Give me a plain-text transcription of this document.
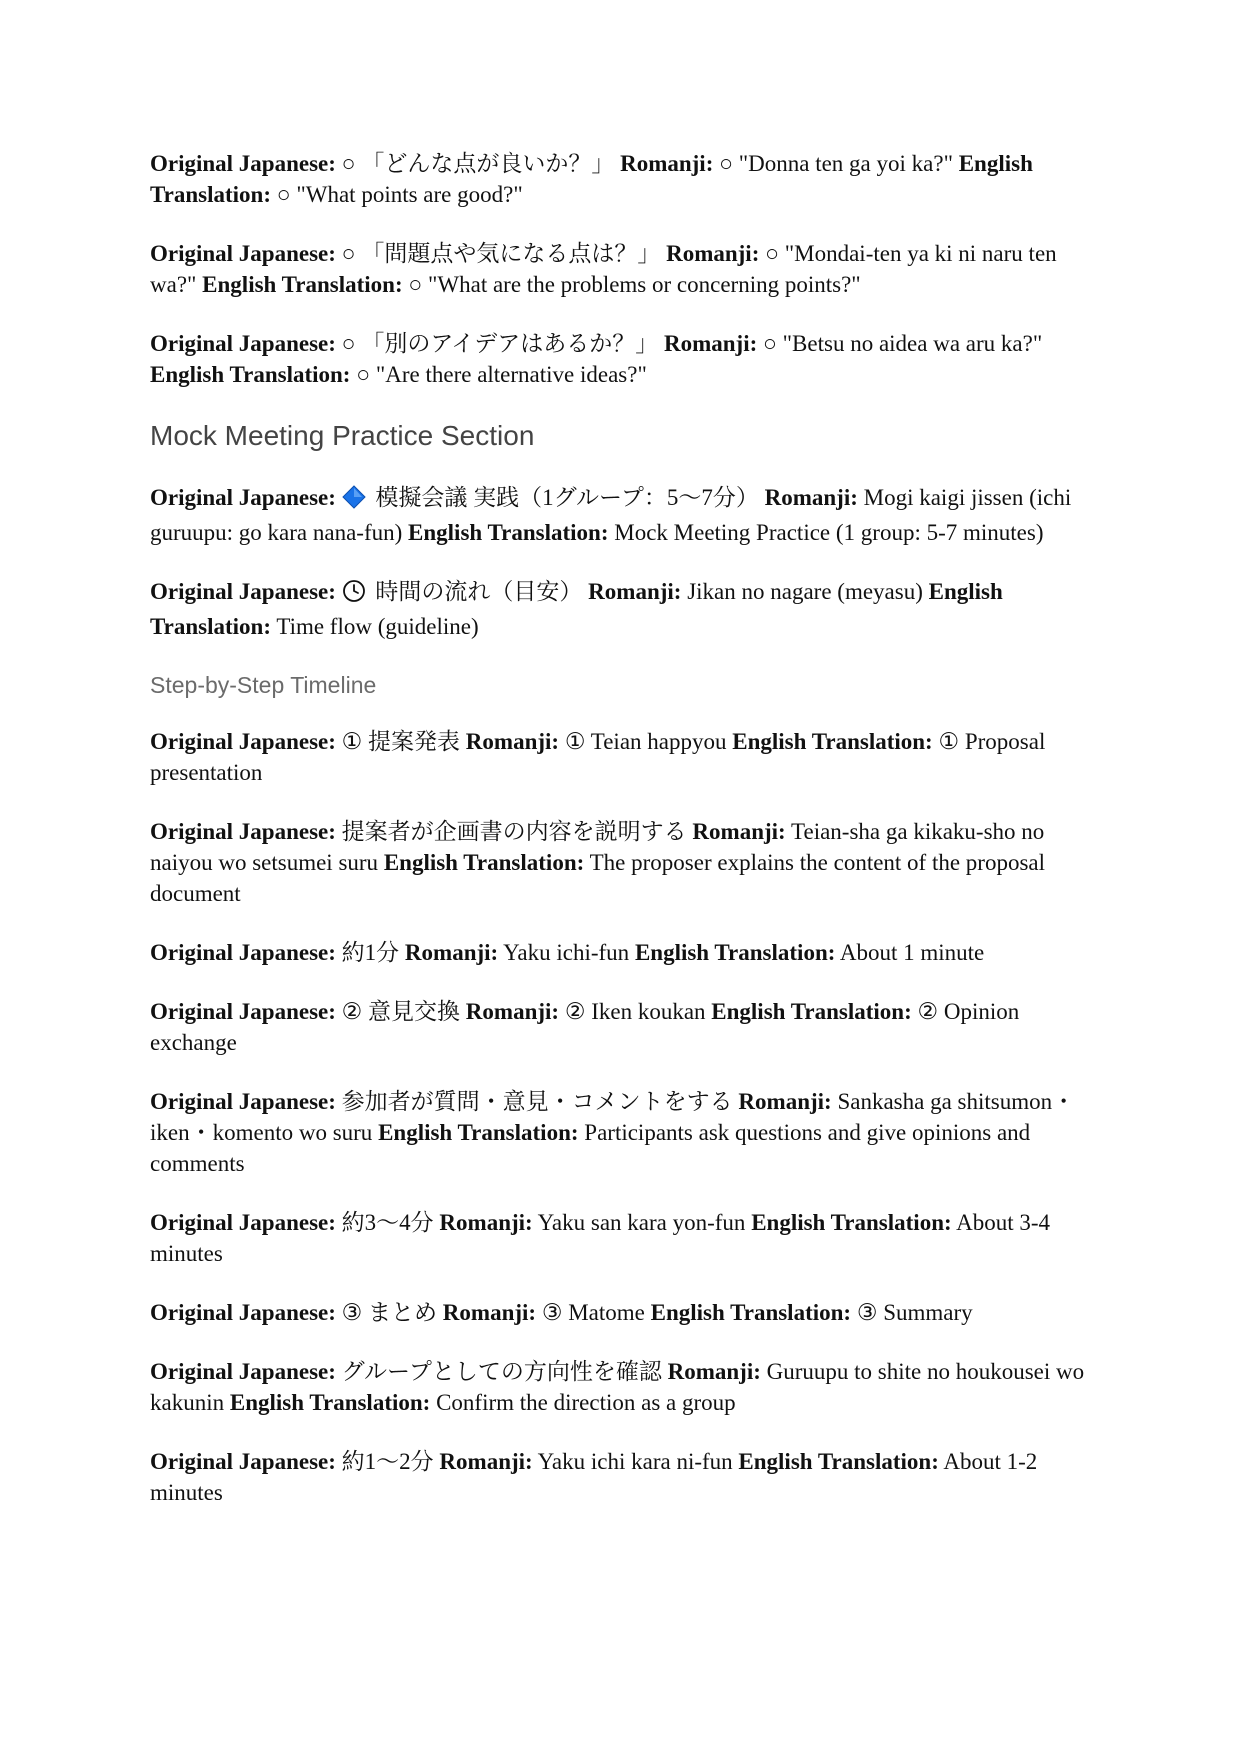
Original Japanese: ○ 「どんな点が良いか？」 Romanji: ○ "Donna ten ga yoi ka?" English Translation: ○ "What points are good?"

Original Japanese: ○ 「問題点や気になる点は？」 Romanji: ○ "Mondai-ten ya ki ni naru ten wa?" English Translation: ○ "What are the problems or concerning points?"

Original Japanese: ○ 「別のアイデアはあるか？」 Romanji: ○ "Betsu no aidea wa aru ka?" English Translation: ○ "Are there alternative ideas?"

Mock Meeting Practice Section

Original Japanese: 模擬会議 実践（1グループ：5〜7分） Romanji: Mogi kaigi jissen (ichi guruupu: go kara nana-fun) English Translation: Mock Meeting Practice (1 group: 5-7 minutes)

Original Japanese: 時間の流れ（目安） Romanji: Jikan no nagare (meyasu) English Translation: Time flow (guideline)

Step-by-Step Timeline

Original Japanese: ① 提案発表 Romanji: ① Teian happyou English Translation: ① Proposal presentation

Original Japanese: 提案者が企画書の内容を説明する Romanji: Teian-sha ga kikaku-sho no naiyou wo setsumei suru English Translation: The proposer explains the content of the proposal document

Original Japanese: 約1分 Romanji: Yaku ichi-fun English Translation: About 1 minute

Original Japanese: ② 意見交換 Romanji: ② Iken koukan English Translation: ② Opinion exchange

Original Japanese: 参加者が質問・意見・コメントをする Romanji: Sankasha ga shitsumon・iken・komento wo suru English Translation: Participants ask questions and give opinions and comments

Original Japanese: 約3〜4分 Romanji: Yaku san kara yon-fun English Translation: About 3-4 minutes

Original Japanese: ③ まとめ Romanji: ③ Matome English Translation: ③ Summary

Original Japanese: グループとしての方向性を確認 Romanji: Guruupu to shite no houkousei wo kakunin English Translation: Confirm the direction as a group

Original Japanese: 約1〜2分 Romanji: Yaku ichi kara ni-fun English Translation: About 1-2 minutes
